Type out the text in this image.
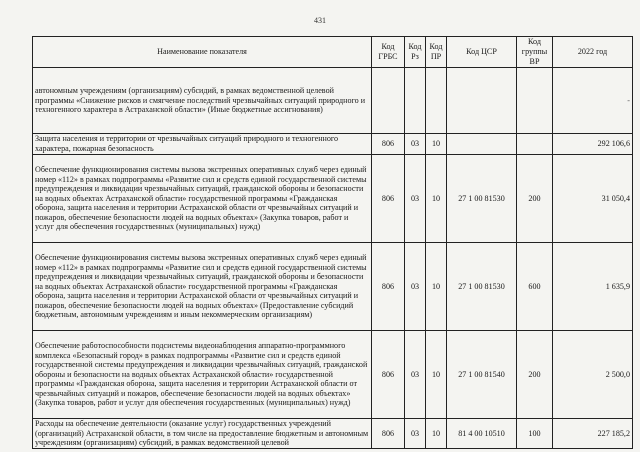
431
Наименование показателя	Код ГРБС	Код Рз	Код ПР	Код ЦСР	Код группы ВР	2022 год
автономным учреждениям (организациям) субсидий, в рамках ведомственной целевой программы «Снижение рисков и смягчение последствий чрезвычайных ситуаций природного и техногенного характера в Астраханской области» (Иные бюджетные ассигнования)						-
Защита населения и территории от чрезвычайных ситуаций природного и техногенного характера, пожарная безопасность	806	03	10			292 106,6
Обеспечение функционирования системы вызова экстренных оперативных служб через единый номер «112» в рамках подпрограммы «Развитие сил и средств единой государственной системы предупреждения и ликвидации чрезвычайных ситуаций, гражданской обороны и безопасности на водных объектах Астраханской области» государственной программы «Гражданская оборона, защита населения и территории Астраханской области от чрезвычайных ситуаций и пожаров, обеспечение безопасности людей на водных объектах» (Закупка товаров, работ и услуг для обеспечения государственных (муниципальных) нужд)	806	03	10	27 1 00 81530	200	31 050,4
Обеспечение функционирования системы вызова экстренных оперативных служб через единый номер «112» в рамках подпрограммы «Развитие сил и средств единой государственной системы предупреждения и ликвидации чрезвычайных ситуаций, гражданской обороны и безопасности на водных объектах Астраханской области» государственной программы «Гражданская оборона, защита населения и территории Астраханской области от чрезвычайных ситуаций и пожаров, обеспечение безопасности людей на водных объектах» (Предоставление субсидий бюджетным, автономным учреждениям и иным некоммерческим организациям)	806	03	10	27 1 00 81530	600	1 635,9
Обеспечение работоспособности подсистемы видеонаблюдения аппаратно-программного комплекса «Безопасный город» в рамках подпрограммы «Развитие сил и средств единой государственной системы предупреждения и ликвидации чрезвычайных ситуаций, гражданской обороны и безопасности на водных объектах Астраханской области» государственной программы «Гражданская оборона, защита населения и территории Астраханской области от чрезвычайных ситуаций и пожаров, обеспечение безопасности людей на водных объектах» (Закупка товаров, работ и услуг для обеспечения государственных (муниципальных) нужд)	806	03	10	27 1 00 81540	200	2 500,0
Расходы на обеспечение деятельности (оказание услуг) государственных учреждений (организаций) Астраханской области, в том числе на предоставление бюджетным и автономным учреждениям (организациям) субсидий, в рамках ведомственной целевой	806	03	10	81 4 00 10510	100	227 185,2
